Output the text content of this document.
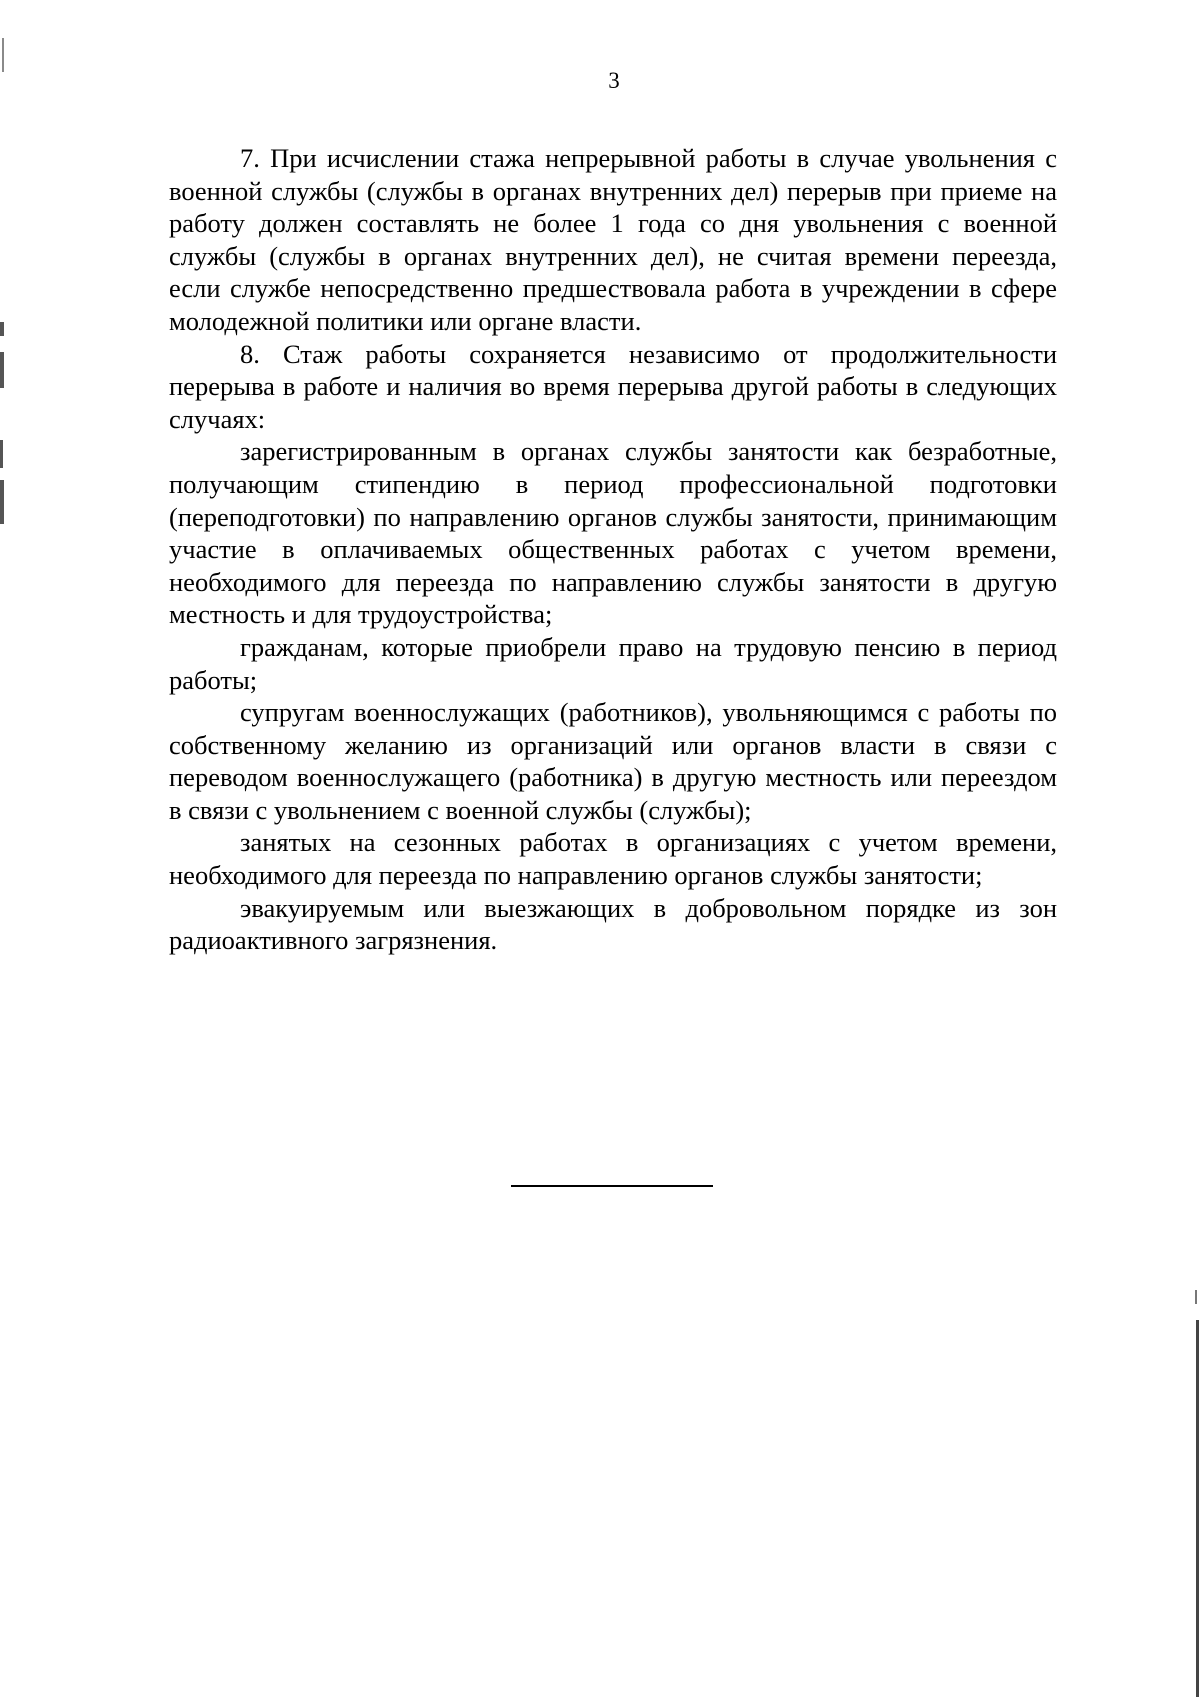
3

7. При исчислении стажа непрерывной работы в случае увольнения с военной службы (службы в органах внутренних дел) перерыв при приеме на работу должен составлять не более 1 года со дня увольнения с военной службы (службы в органах внутренних дел), не считая времени переезда, если службе непосредственно предшествовала работа в учреждении в сфере молодежной политики или органе власти.

8. Стаж работы сохраняется независимо от продолжительности перерыва в работе и наличия во время перерыва другой работы в следующих случаях:

зарегистрированным в органах службы занятости как безработные, получающим стипендию в период профессиональной подготовки (переподготовки) по направлению органов службы занятости, принимающим участие в оплачиваемых общественных работах с учетом времени, необходимого для переезда по направлению службы занятости в другую местность и для трудоустройства;

гражданам, которые приобрели право на трудовую пенсию в период работы;

супругам военнослужащих (работников), увольняющимся с работы по собственному желанию из организаций или органов власти в связи с переводом военнослужащего (работника) в другую местность или переездом в связи с увольнением с военной службы (службы);

занятых на сезонных работах в организациях с учетом времени, необходимого для переезда по направлению органов службы занятости;

эвакуируемым или выезжающих в добровольном порядке из зон радиоактивного загрязнения.
